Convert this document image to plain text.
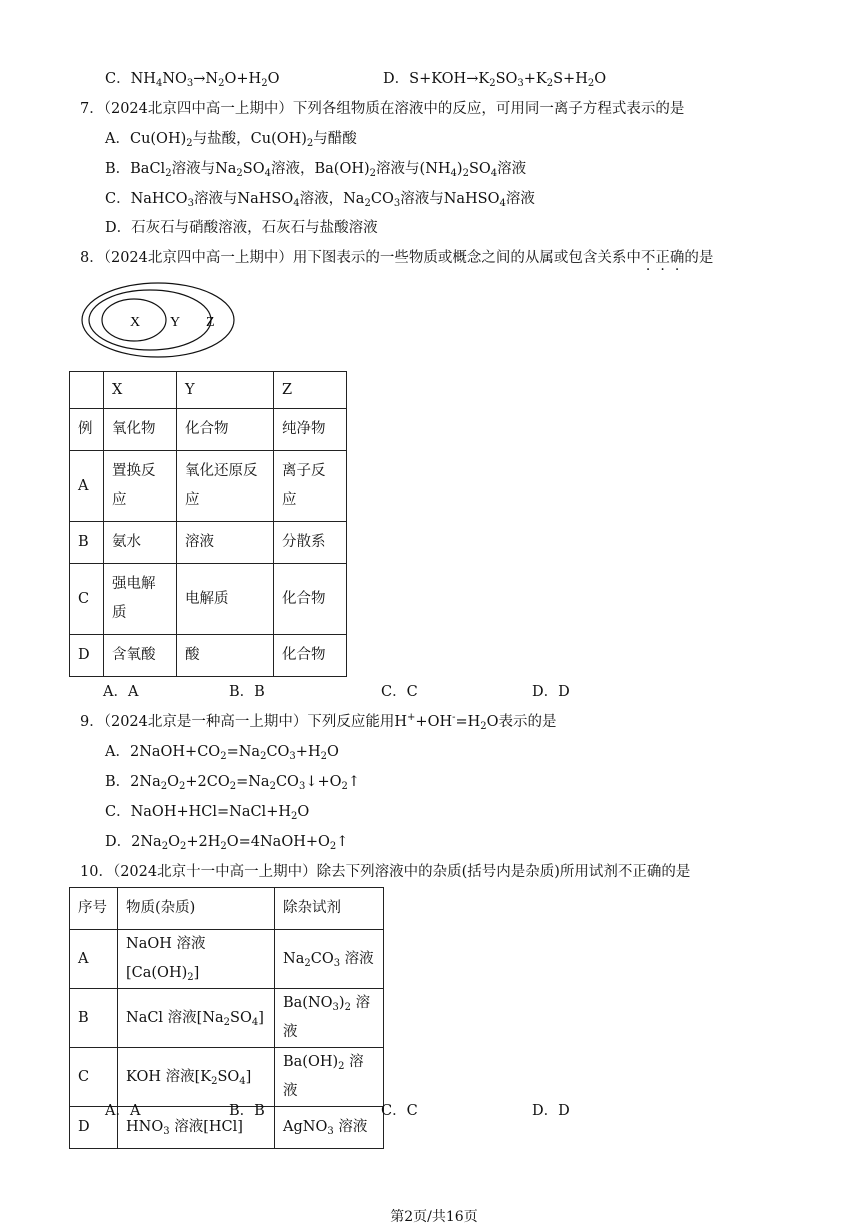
C．$NH_4NO_3\to N_2O+H_2O$	D．$S+KOH\to K_2SO_3+K_2S+H_2O$
7．（2024北京四中高一上期中）下列各组物质在溶液中的反应，可用同一离子方程式表示的是
A．$Cu(OH)_2$与盐酸，$Cu(OH)_2$与醋酸
B．BaCl$_2$溶液与$Na_2SO_4$溶液，$Ba(OH)_2$溶液与$(NH_4)_2SO_4$溶液
C．NaHCO$_3$溶液与NaHSO$_4$溶液，$Na_2CO_3$溶液与NaHSO$_4$溶液
D．石灰石与硝酸溶液，石灰石与盐酸溶液
8．（2024北京四中高一上期中）用下图表示的一些物质或概念之间的从属或包含关系中不正确的是
X Y Z
	X	Y	Z
例	氧化物	化合物	纯净物
A	置换反应	氧化还原反应	离子反应
B	氨水	溶液	分散系
C	强电解质	电解质	化合物
D	含氧酸	酸	化合物
A．A	B．B	C．C	D．D
9．（2024北京是一种高一上期中）下列反应能用$H^++OH^-=H_2O$表示的是
A．$2NaOH+CO_2=Na_2CO_3+H_2O$
B．$2Na_2O_2+2CO_2=Na_2CO_3↓+O_2↑$
C．$NaOH+HCl=NaCl+H_2O$
D．$2Na_2O_2+2H_2O=4NaOH+O_2↑$
10．（2024北京十一中高一上期中）除去下列溶液中的杂质(括号内是杂质)所用试剂不正确的是
序号	物质(杂质)	除杂试剂
A	NaOH 溶液$[Ca(OH)_2]$	$Na_2CO_3$ 溶液
B	NaCl 溶液$[Na_2SO_4]$	$Ba(NO_3)_2$ 溶液
C	KOH 溶液$[K_2SO_4]$	$Ba(OH)_2$ 溶液
D	$HNO_3$ 溶液[HCl]	AgNO$_3$ 溶液
A．A	B．B	C．C	D．D
第2页/共16页
